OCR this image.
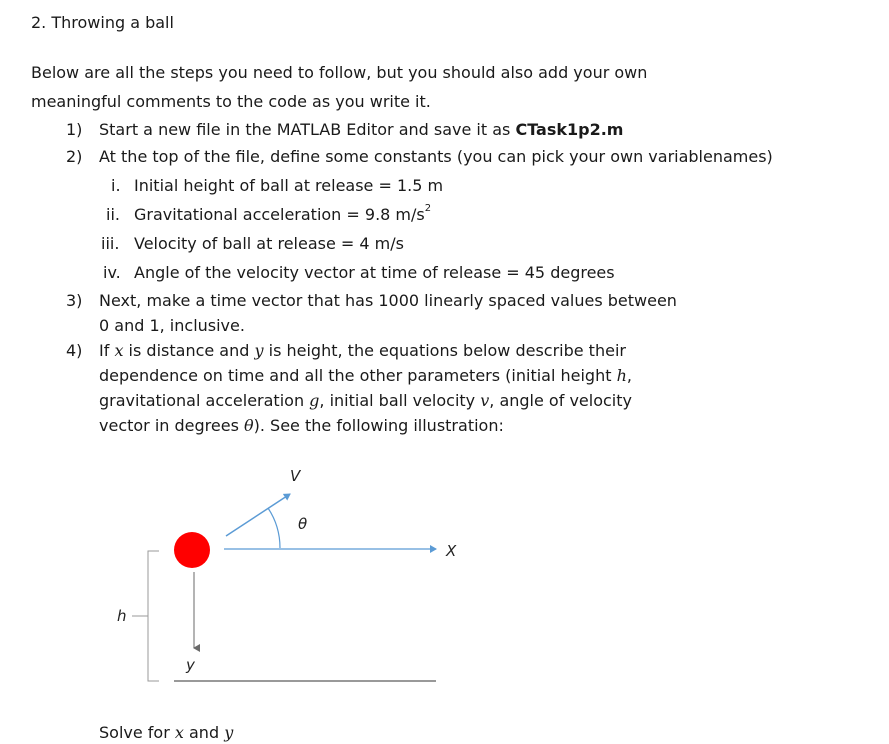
2. Throwing a ball
Below are all the steps you need to follow, but you should also add your own
meaningful comments to the code as you write it.
1) Start a new file in the MATLAB Editor and save it as CTask1p2.m
2) At the top of the file, define some constants (you can pick your own variablenames)
i. Initial height of ball at release = 1.5 m
ii. Gravitational acceleration = 9.8 $m/s^2$
iii. Velocity of ball at release = 4 m/s
iv. Angle of the velocity vector at time of release = 45 degrees
3) Next, make a time vector that has 1000 linearly spaced values between
0 and 1, inclusive.
4) If x is distance and y is height, the equations below describe their
dependence on time and all the other parameters (initial height h,
gravitational acceleration g, initial ball velocity v, angle of velocity
vector in degrees θ). See the following illustration:
V
θ
X
h
y
Solve for x and y
